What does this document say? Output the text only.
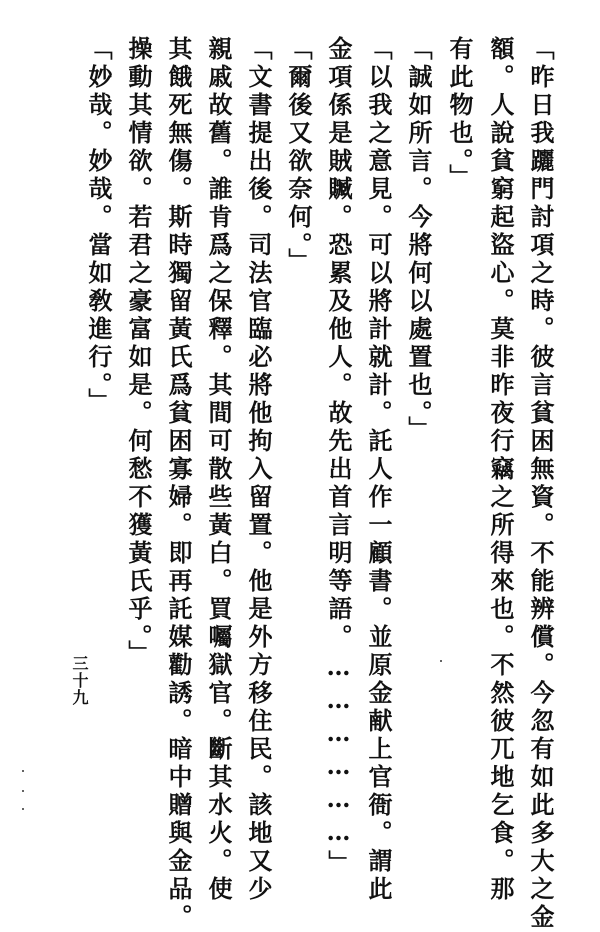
「昨日我躧門討項之時。彼言貧困無資。不能辨償。今忽有如此多大之金
額。人說貧窮起盜心。莫非昨夜行竊之所得來也。不然彼兀地乞食。那
有此物也。」
「誠如所言。今將何以處置也。」
「以我之意見。可以將計就計。託人作一顧書。並原金献上官衙。謂此
金項係是賊贓。恐累及他人。故先出首言明等語。………………」
「爾後又欲奈何。」
「文書提出後。司法官臨必將他拘入留置。他是外方移住民。該地又少
親戚故舊。誰肯爲之保釋。其間可散些黃白。買囑獄官。斷其水火。使
其餓死無傷。斯時獨留黃氏爲貧困寡婦。即再託媒勸誘。暗中贈與金品。
操動其情欲。若君之豪富如是。何愁不獲黃氏乎。」
「妙哉。妙哉。當如敎進行。」
三十九
